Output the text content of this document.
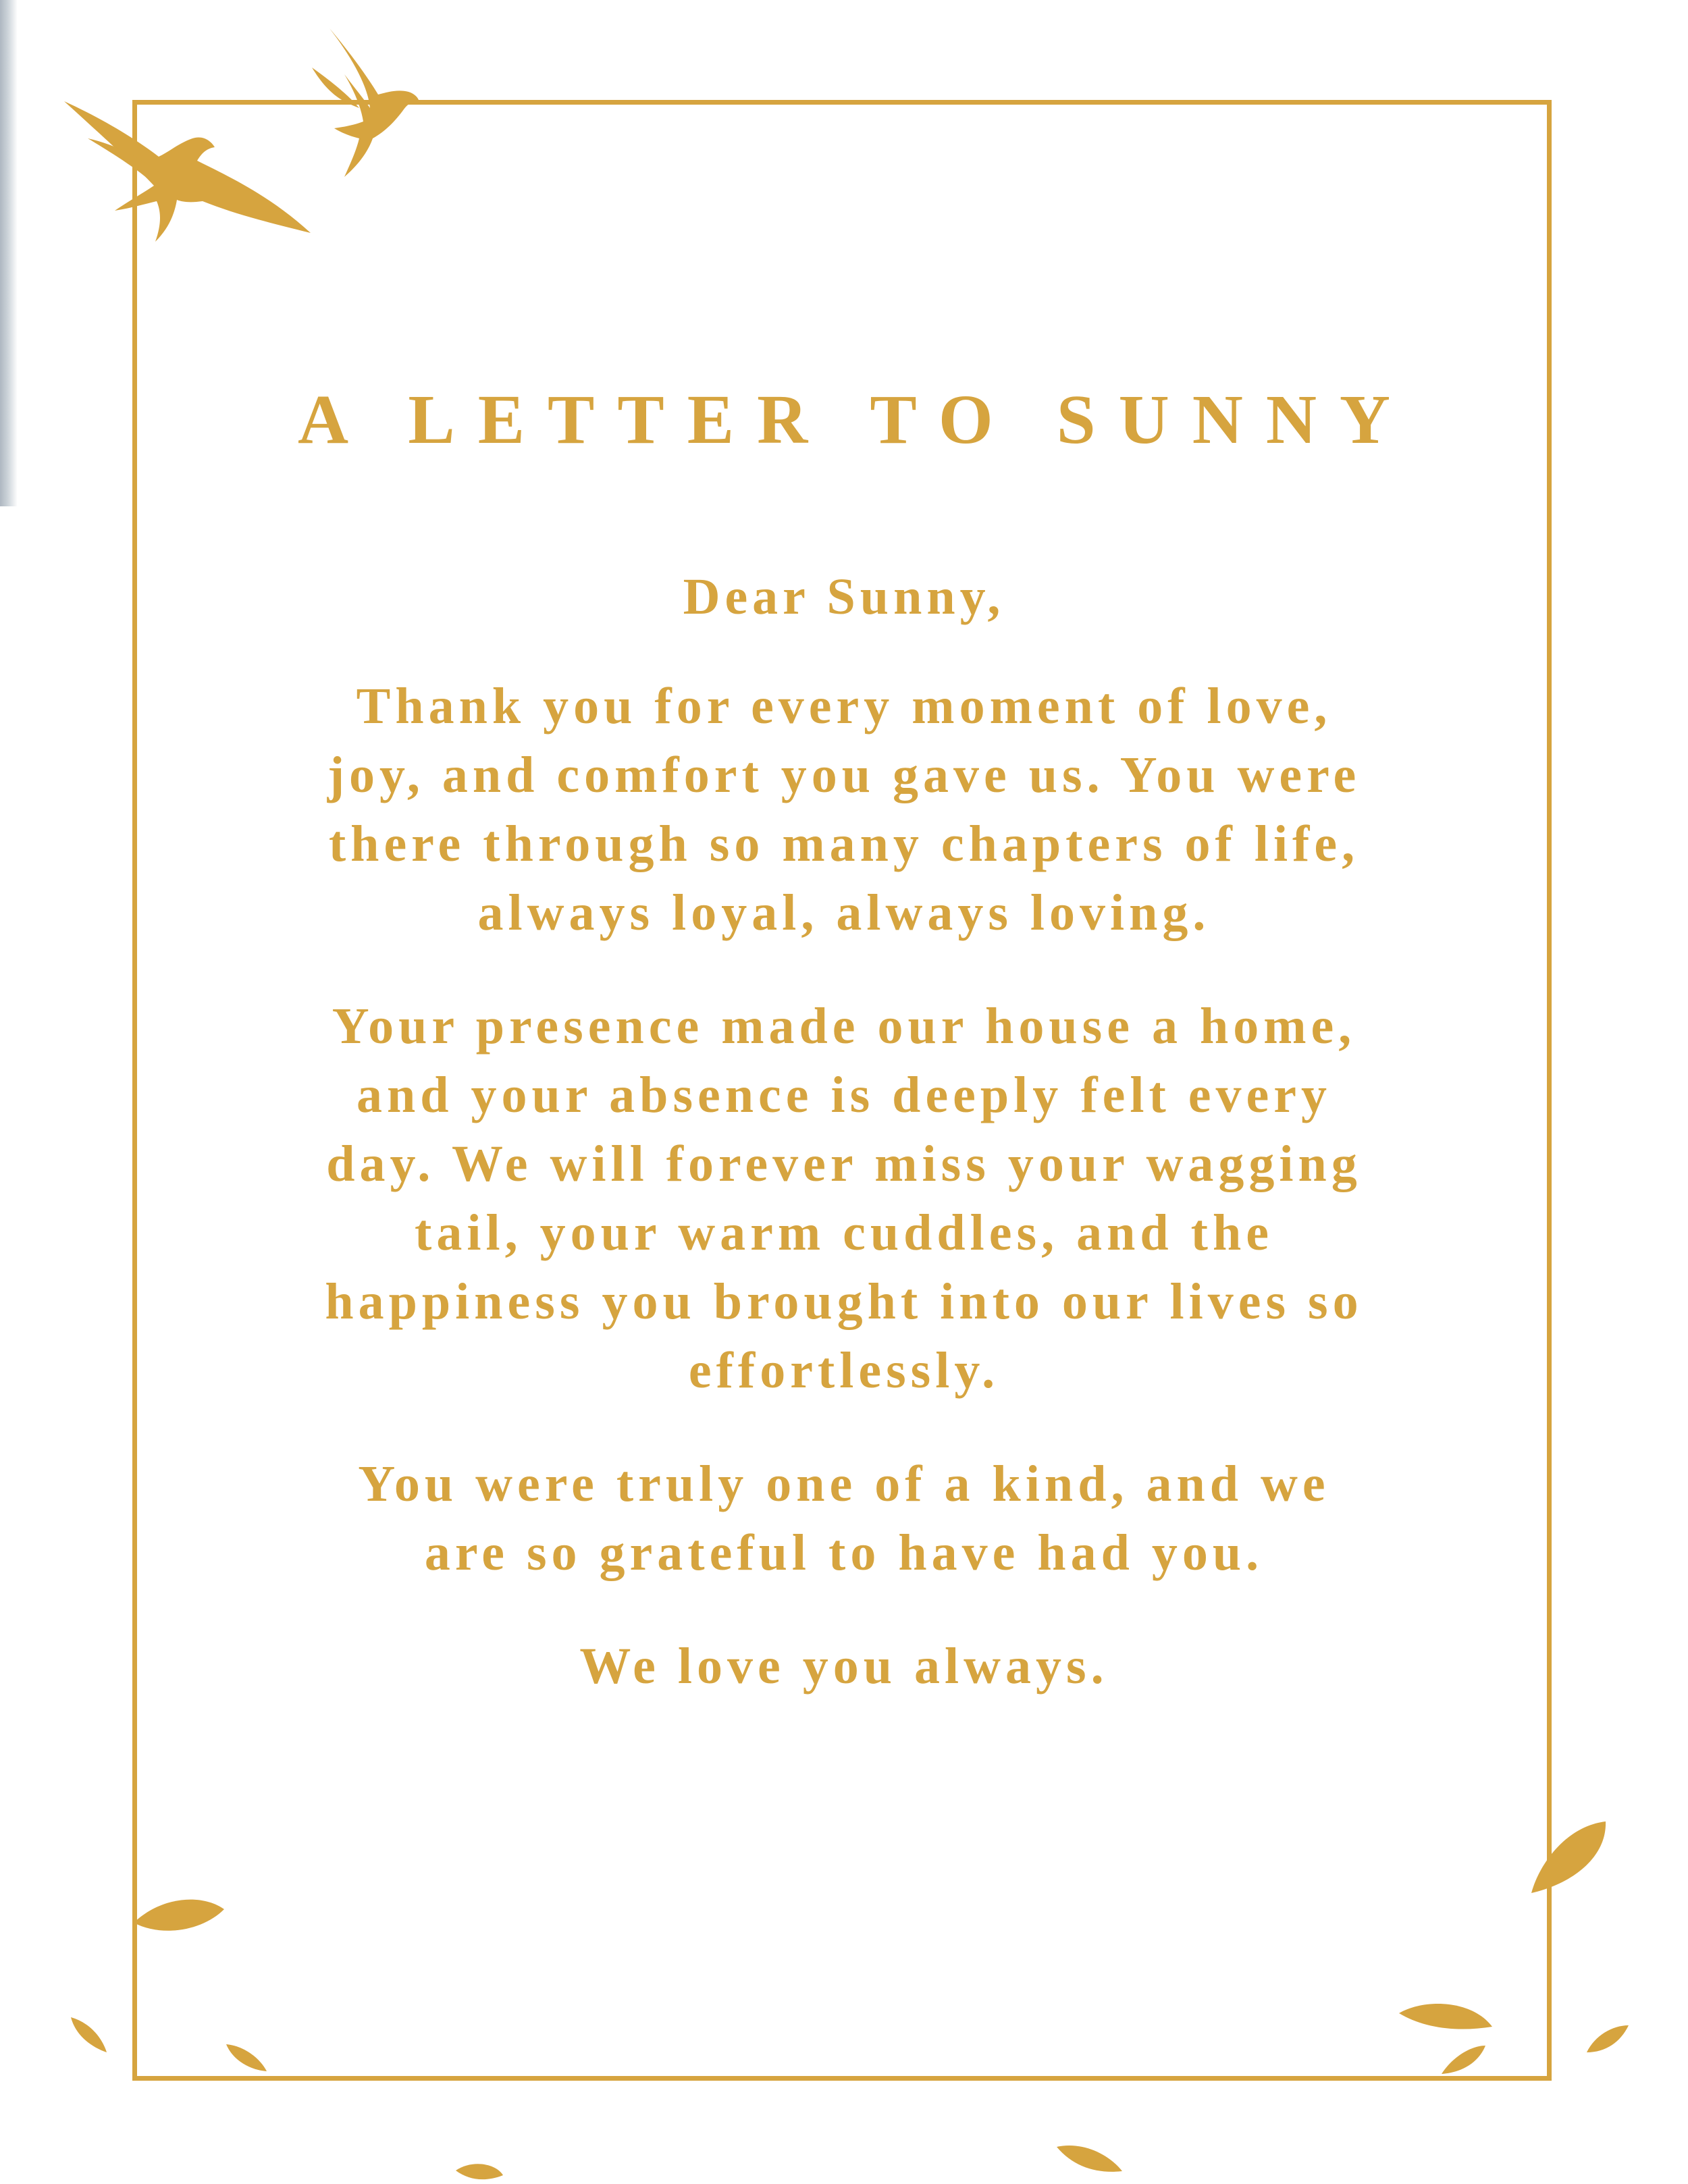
A LETTER TO SUNNY

Dear Sunny,

Thank you for every moment of love, joy, and comfort you gave us. You were there through so many chapters of life, always loyal, always loving.

Your presence made our house a home, and your absence is deeply felt every day. We will forever miss your wagging tail, your warm cuddles, and the happiness you brought into our lives so effortlessly.

You were truly one of a kind, and we are so grateful to have had you.

We love you always.
